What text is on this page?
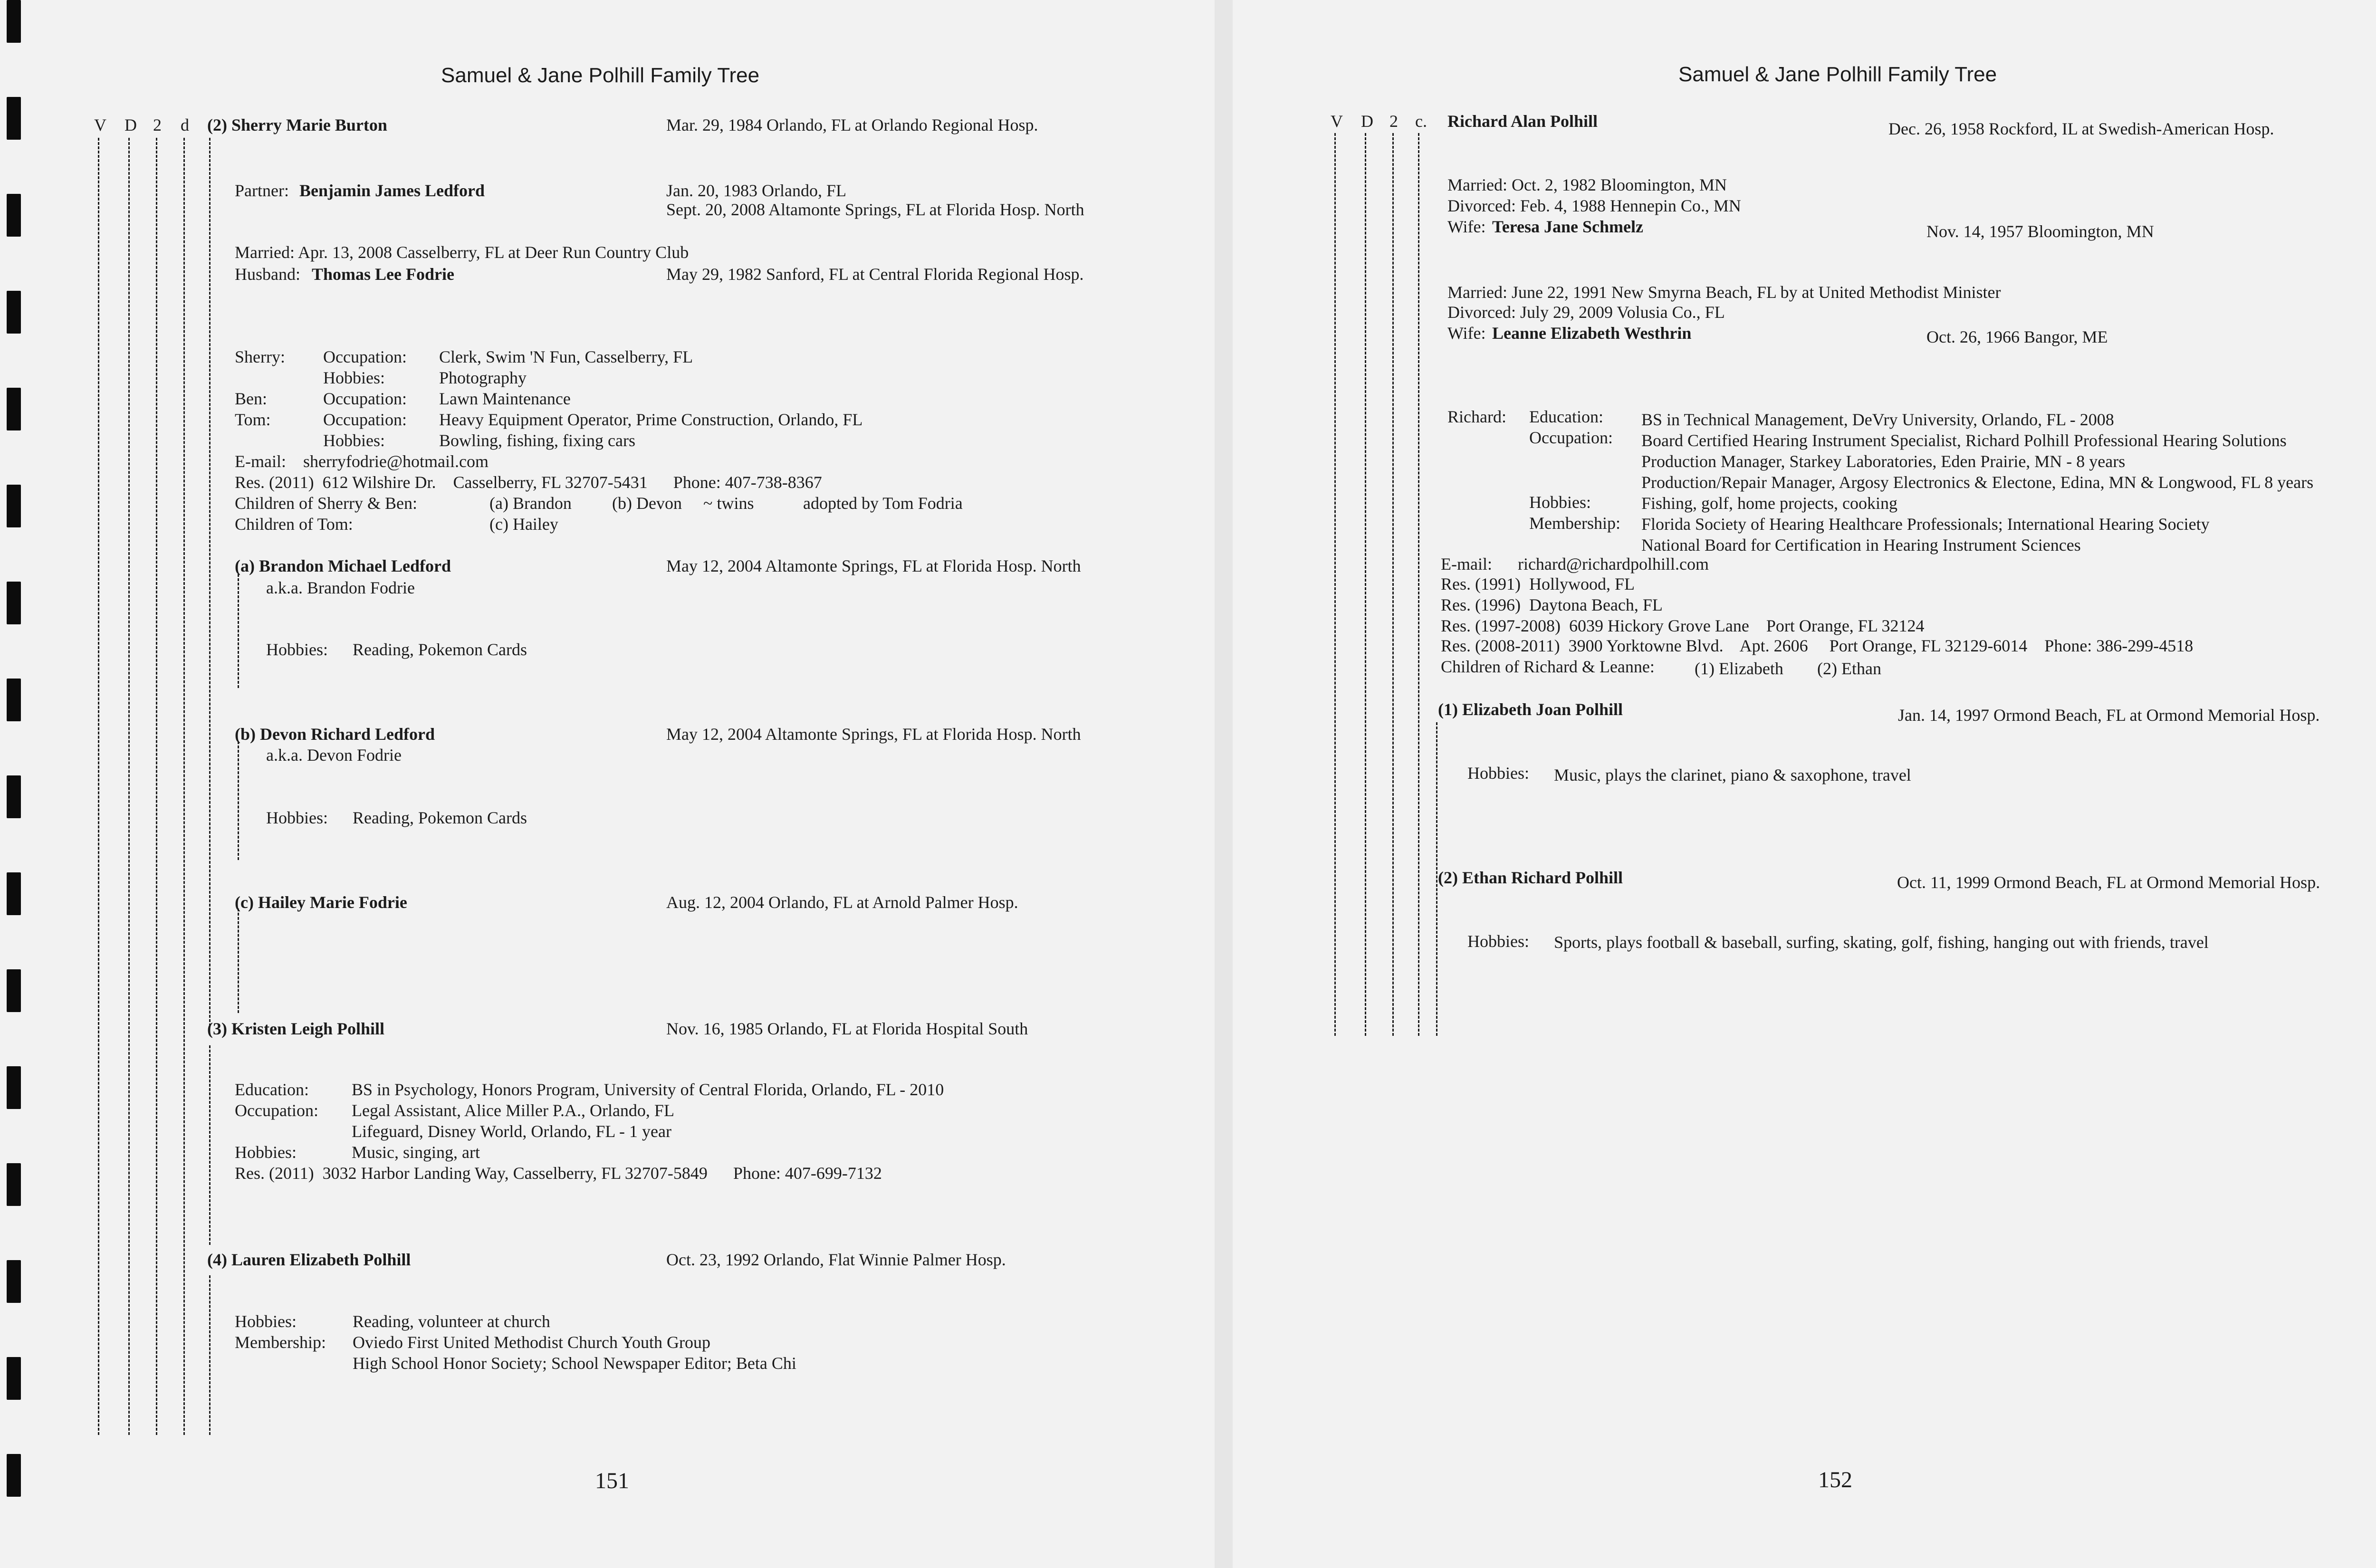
Samuel & Jane Polhill Family Tree
V D 2 d (2) Sherry Marie Burton	Mar. 29, 1984 Orlando, FL at Orlando Regional Hosp.
Partner: Benjamin James Ledford	Jan. 20, 1983 Orlando, FL
Sept. 20, 2008 Altamonte Springs, FL at Florida Hosp. North
Married: Apr. 13, 2008 Casselberry, FL at Deer Run Country Club
Husband: Thomas Lee Fodrie	May 29, 1982 Sanford, FL at Central Florida Regional Hosp.
Sherry: Occupation: Clerk, Swim 'N Fun, Casselberry, FL
Hobbies:	Photography
Ben:	Occupation: Lawn Maintenance
Tom:	Occupation: Heavy Equipment Operator, Prime Construction, Orlando, FL
Hobbies:	Bowling, fishing, fixing cars
E-mail:    sherryfodrie@hotmail.com
Res. (2011)  612 Wilshire Dr.    Casselberry, FL 32707-5431      Phone: 407-738-8367
Children of Sherry & Ben:	(a) Brandon (b) Devon ~ twins	adopted by Tom Fodria
Children of Tom:	(c) Hailey
(a) Brandon Michael Ledford	May 12, 2004 Altamonte Springs, FL at Florida Hosp. North
a.k.a. Brandon Fodrie
Hobbies: Reading, Pokemon Cards
(b) Devon Richard Ledford	May 12, 2004 Altamonte Springs, FL at Florida Hosp. North
a.k.a. Devon Fodrie
Hobbies: Reading, Pokemon Cards
(c) Hailey Marie Fodrie	Aug. 12, 2004 Orlando, FL at Arnold Palmer Hosp.
(3) Kristen Leigh Polhill	Nov. 16, 1985 Orlando, FL at Florida Hospital South
Education:	BS in Psychology, Honors Program, University of Central Florida, Orlando, FL - 2010
Occupation: Legal Assistant, Alice Miller P.A., Orlando, FL
Lifeguard, Disney World, Orlando, FL - 1 year
Hobbies:	Music, singing, art
Res. (2011)  3032 Harbor Landing Way, Casselberry, FL 32707-5849      Phone: 407-699-7132
(4) Lauren Elizabeth Polhill	Oct. 23, 1992 Orlando, Flat Winnie Palmer Hosp.
Hobbies:	Reading, volunteer at church
Membership: Oviedo First United Methodist Church Youth Group
High School Honor Society; School Newspaper Editor; Beta Chi
151
Samuel & Jane Polhill Family Tree
V D 2 c. Richard Alan Polhill	Dec. 26, 1958 Rockford, IL at Swedish-American Hosp.
Married: Oct. 2, 1982 Bloomington, MN
Divorced: Feb. 4, 1988 Hennepin Co., MN
Wife: Teresa Jane Schmelz	Nov. 14, 1957 Bloomington, MN
Married: June 22, 1991 New Smyrna Beach, FL by at United Methodist Minister
Divorced: July 29, 2009 Volusia Co., FL
Wife: Leanne Elizabeth Westhrin	Oct. 26, 1966 Bangor, ME
Richard: Education: BS in Technical Management, DeVry University, Orlando, FL - 2008
Occupation: Board Certified Hearing Instrument Specialist, Richard Polhill Professional Hearing Solutions
Production Manager, Starkey Laboratories, Eden Prairie, MN - 8 years
Production/Repair Manager, Argosy Electronics & Electone, Edina, MN & Longwood, FL 8 years
Hobbies:	Fishing, golf, home projects, cooking
Membership: Florida Society of Hearing Healthcare Professionals; International Hearing Society
National Board for Certification in Hearing Instrument Sciences
E-mail:      richard@richardpolhill.com
Res. (1991)  Hollywood, FL
Res. (1996)  Daytona Beach, FL
Res. (1997-2008)  6039 Hickory Grove Lane    Port Orange, FL 32124
Res. (2008-2011)  3900 Yorktowne Blvd.    Apt. 2606     Port Orange, FL 32129-6014    Phone: 386-299-4518
Children of Richard & Leanne: (1) Elizabeth (2) Ethan
(1) Elizabeth Joan Polhill	Jan. 14, 1997 Ormond Beach, FL at Ormond Memorial Hosp.
Hobbies: Music, plays the clarinet, piano & saxophone, travel
(2) Ethan Richard Polhill	Oct. 11, 1999 Ormond Beach, FL at Ormond Memorial Hosp.
Hobbies: Sports, plays football & baseball, surfing, skating, golf, fishing, hanging out with friends, travel
152
